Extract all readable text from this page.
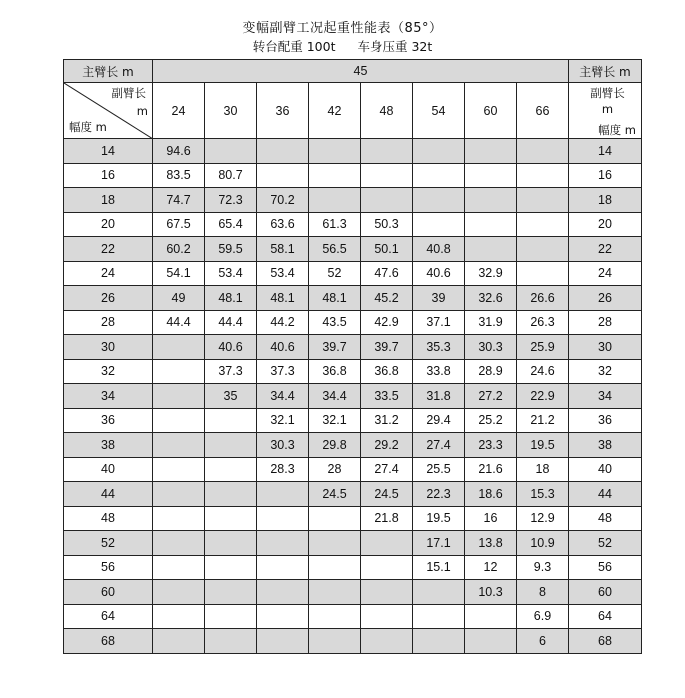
变幅副臂工况起重性能表（85°）
转台配重 100t 车身压重 32t
主臂长 m	45								主臂长 m

副臂长
m
幅度 m	24	30	36	42	48	54	60	66	副臂长
m
幅度 m

14	94.6								14
16	83.5	80.7							16
18	74.7	72.3	70.2						18
20	67.5	65.4	63.6	61.3	50.3				20
22	60.2	59.5	58.1	56.5	50.1	40.8			22
24	54.1	53.4	53.4	52	47.6	40.6	32.9		24
26	49	48.1	48.1	48.1	45.2	39	32.6	26.6	26
28	44.4	44.4	44.2	43.5	42.9	37.1	31.9	26.3	28
30		40.6	40.6	39.7	39.7	35.3	30.3	25.9	30
32		37.3	37.3	36.8	36.8	33.8	28.9	24.6	32
34		35	34.4	34.4	33.5	31.8	27.2	22.9	34
36			32.1	32.1	31.2	29.4	25.2	21.2	36
38			30.3	29.8	29.2	27.4	23.3	19.5	38
40			28.3	28	27.4	25.5	21.6	18	40
44				24.5	24.5	22.3	18.6	15.3	44
48					21.8	19.5	16	12.9	48
52						17.1	13.8	10.9	52
56						15.1	12	9.3	56
60							10.3	8	60
64								6.9	64
68								6	68
